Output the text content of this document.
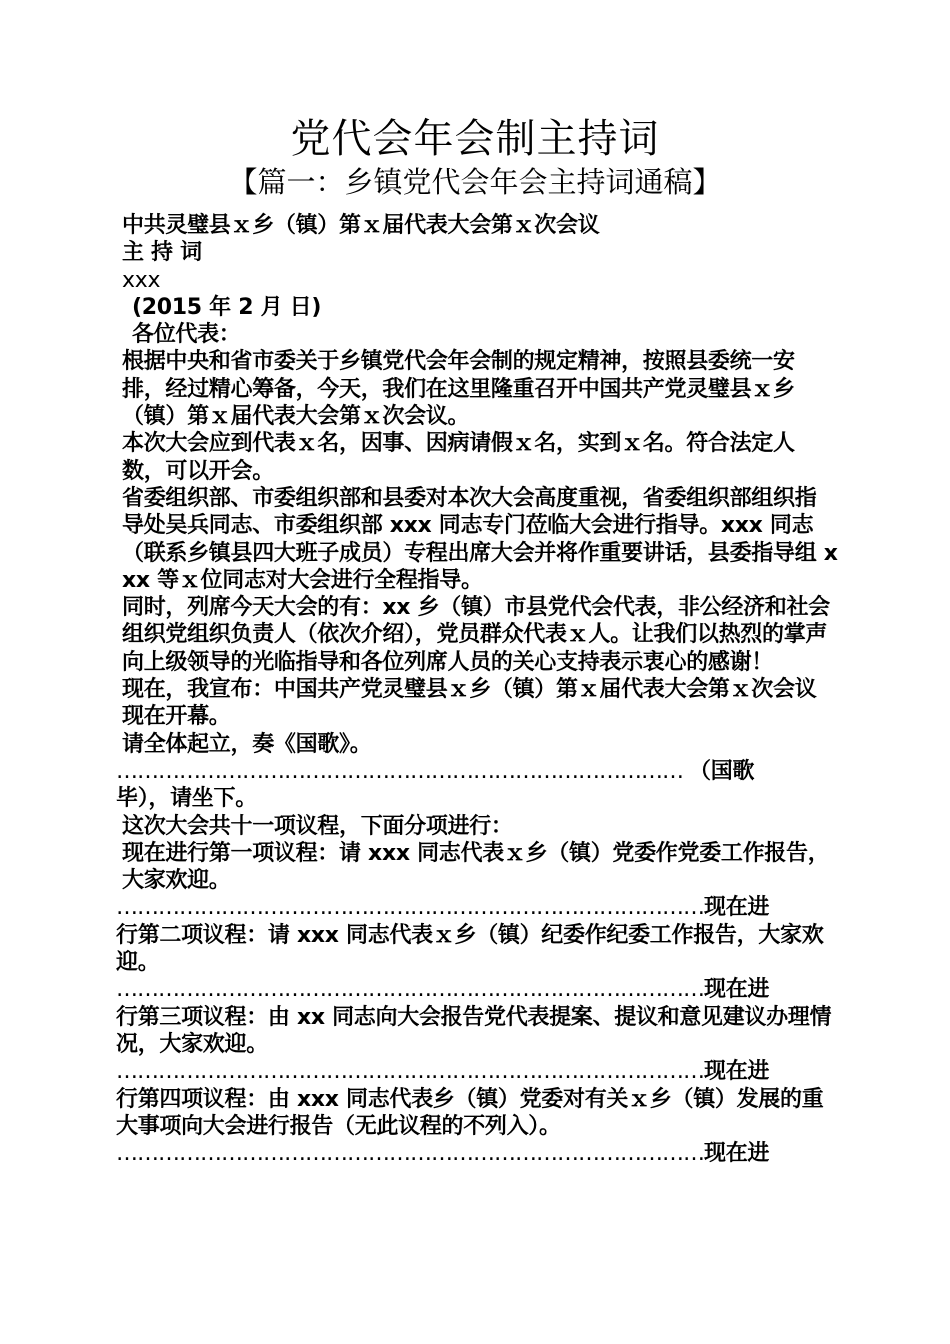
党代会年会制主持词
【篇一：乡镇党代会年会主持词通稿】

中共灵璧县ｘ乡（镇）第ｘ届代表大会第ｘ次会议

主 持 词

xxx

(2015 年 2 月 日)

各位代表：

根据中央和省市委关于乡镇党代会年会制的规定精神，按照县委统一安排，经过精心筹备，今天，我们在这里隆重召开中国共产党灵璧县ｘ乡（镇）第ｘ届代表大会第ｘ次会议。

本次大会应到代表ｘ名，因事、因病请假ｘ名，实到ｘ名。符合法定人数，可以开会。

省委组织部、市委组织部和县委对本次大会高度重视，省委组织部组织指导处吴兵同志、市委组织部 xxx 同志专门莅临大会进行指导。xxx 同志（联系乡镇县四大班子成员）专程出席大会并将作重要讲话，县委指导组 xxx 等ｘ位同志对大会进行全程指导。

同时，列席今天大会的有：xx 乡（镇）市县党代会代表，非公经济和社会组织党组织负责人（依次介绍），党员群众代表ｘ人。让我们以热烈的掌声向上级领导的光临指导和各位列席人员的关心支持表示衷心的感谢！

现在，我宣布：中国共产党灵璧县ｘ乡（镇）第ｘ届代表大会第ｘ次会议现在开幕。

请全体起立，奏《国歌》。

……………………………………………………………………… （国歌

毕），请坐下。

这次大会共十一项议程，下面分项进行：

现在进行第一项议程：请 xxx 同志代表ｘ乡（镇）党委作党委工作报告，大家欢迎。

…………………………………………………………………………现在进

行第二项议程：请 xxx 同志代表ｘ乡（镇）纪委作纪委工作报告，大家欢迎。

…………………………………………………………………………现在进

行第三项议程：由 xx 同志向大会报告党代表提案、提议和意见建议办理情况，大家欢迎。

…………………………………………………………………………现在进

行第四项议程：由 xxx 同志代表乡（镇）党委对有关ｘ乡（镇）发展的重大事项向大会进行报告（无此议程的不列入）。

…………………………………………………………………………现在进
